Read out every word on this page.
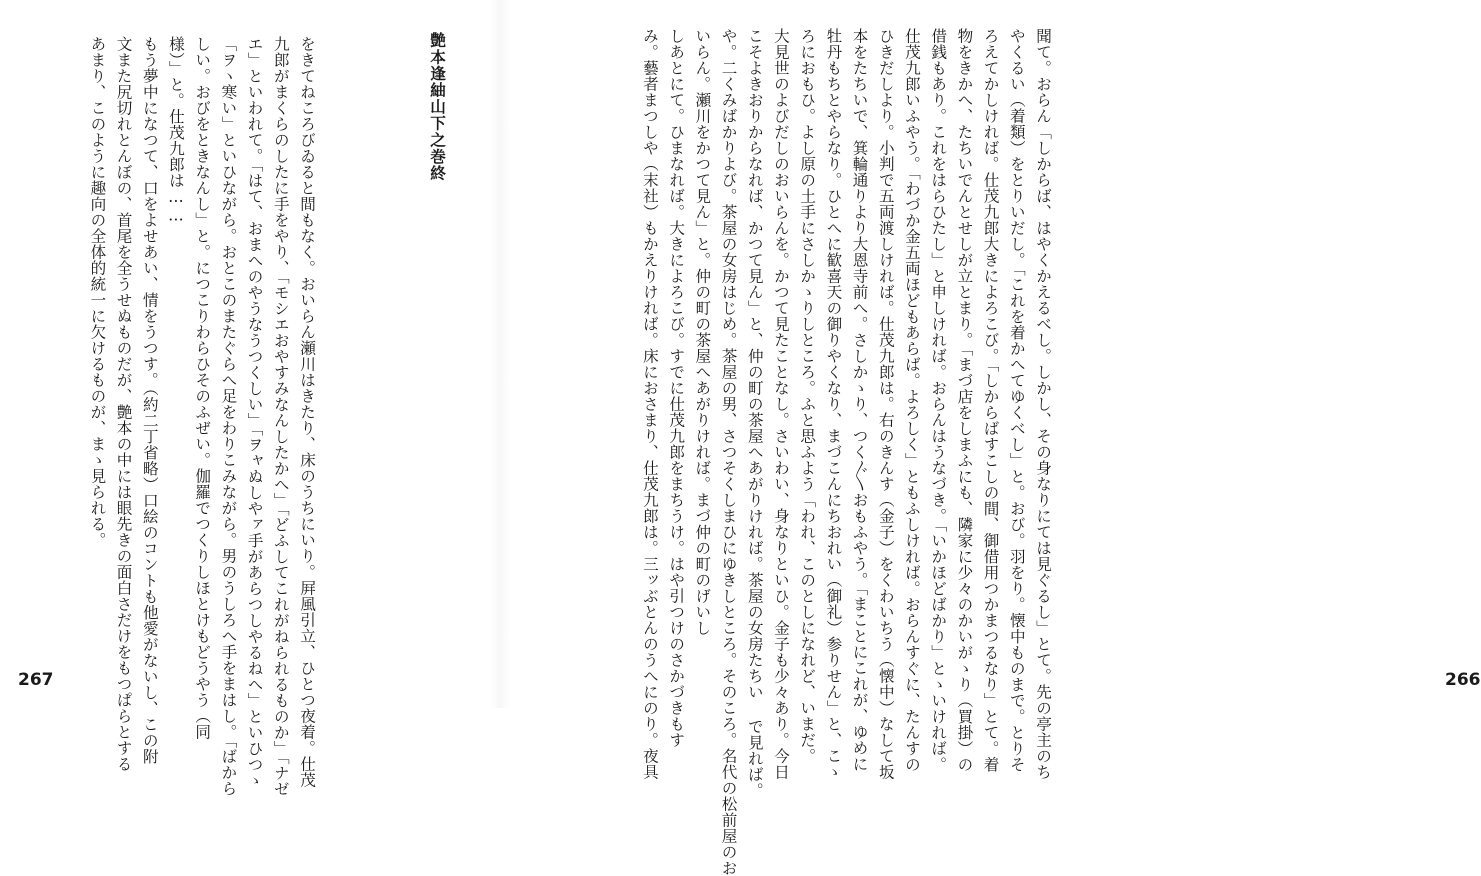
聞て。おらん「しからば、はやくかえるべし。しかし、その身なりにては見ぐるし」とて。先の亭主のち
やくるい（着類）をとりいだし。「これを着かへてゆくべし」と。おび。羽をり。懐中ものまで。とりそ
ろえてかしければ。仕茂九郎大きによろこび。「しからばすこしの間、御借用つかまつるなり」とて。着
物をきかへ、たちいでんとせしが立とまり。「まづ店をしまふにも、隣家に少々のかいがゝり（買掛）の
借銭もあり。これをはらひたし」と申しければ。おらんはうなづき。「いかほどばかり」とゝいければ。
仕茂九郎いふやう。「わづか金五両ほどもあらば。よろしく」ともふしければ。おらんすぐに、たんすの
ひきだしより。小判で五両渡しければ。仕茂九郎は。右のきんす（金子）をくわいちう（懐中）なして坂
本をたちいで、箕輪通りより大恩寺前へ。さしかゝり、つく〴〵おもふやう。「まことにこれが、ゆめに
牡丹もちとやらなり。ひとへに歓喜天の御りやくなり、まづこんにちおれい（御礼）参りせん」と、こゝ
ろにおもひ。よし原の土手にさしかゝりしところ。ふと思ふよう「われ、このとしになれど、いまだ。
大見世のよびだしのおいらんを。かつて見たことなし。さいわい、身なりといひ。金子も少々あり。今日
こそよきおりからなれば、かつて見ん」と、仲の町の茶屋へあがりければ。茶屋の女房たちい で見れば。
や。二くみばかりよび。茶屋の女房はじめ。茶屋の男、さつそくしまひにゆきしところ。そのころ。名代の松前屋のお
いらん。瀬川をかつて見ん」と。仲の町の茶屋へあがりければ。まづ仲の町のげいし
しあとにて。ひまなれば。大きによろこび。すでに仕茂九郎をまちうけ。はや引つけのさかづきもす
み。藝者まつしや（末社）もかえりければ。床におさまり、仕茂九郎は。三ッぶとんのうへにのり。夜具	266
艶本逢紬山下之巻終
をきてねころびゐると間もなく。おいらん瀬川はきたり、床のうちにいり。屛風引立、ひとつ夜着。仕茂
九郎がまくらのしたに手をやり、「モシエおやすみなんしたかへ」「どふしてこれがねられるものか」「ナゼ
エ」といわれて。「はて、おまへのやうなうつくしい」「ヲャぬしやァ手があらつしやるねへ」といひつゝ
「ヲヽ寒い」といひながら。おとこのまたぐらへ足をわりこみながら。男のうしろへ手をまはし。「ばから
しい。おびをときなんし」と。につこりわらひそのふぜい。伽羅でつくりしほとけもどうやう（同
様）」と。仕茂九郎は……
もう夢中になつて、口をよせあい、情をうつす。（約二丁省略）口絵のコントも他愛がないし、この附
文また尻切れとんぼの、首尾を全うせぬものだが、艶本の中には眼先きの面白さだけをもつぱらとする
あまり、このように趣向の全体的統一に欠けるものが、まゝ見られる。
267
